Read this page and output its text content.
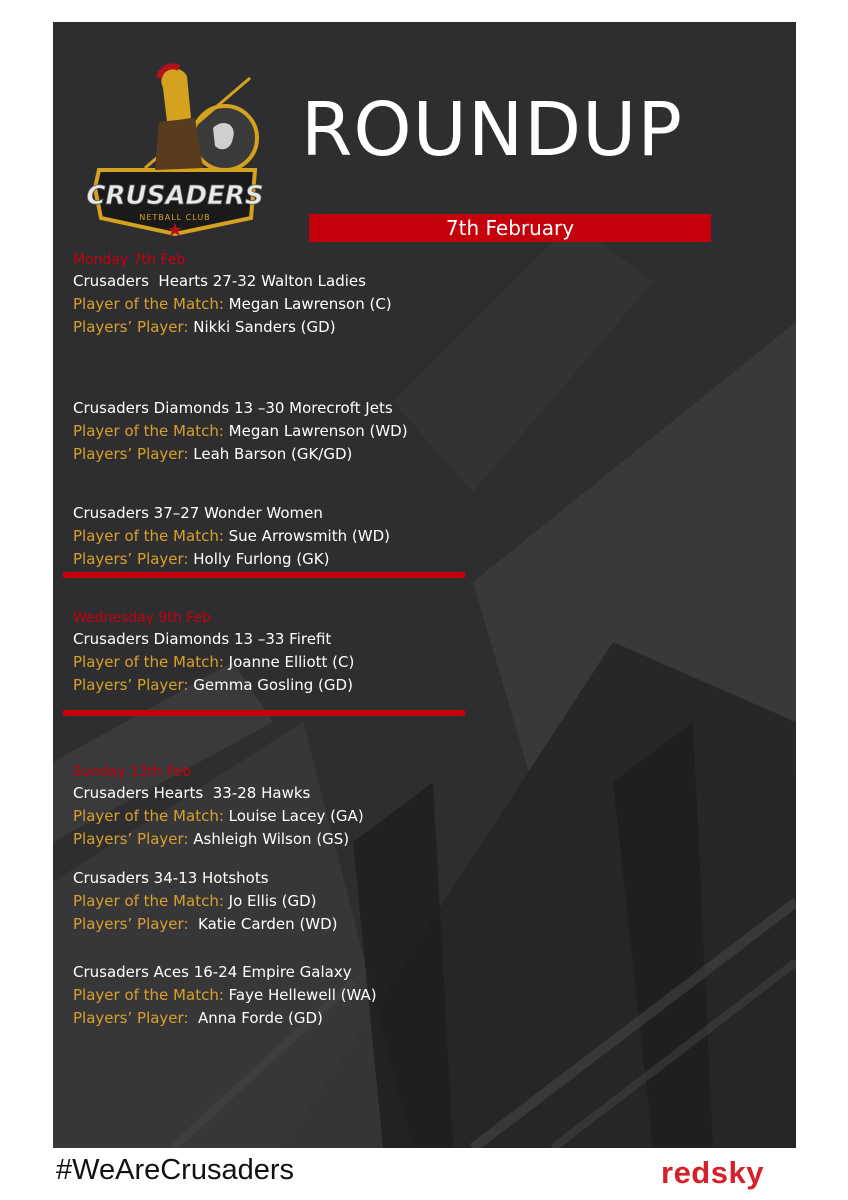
CRUSADERS
NETBALL CLUB
ROUNDUP
7th February

Monday 7th Feb

Crusaders  Hearts 27-32 Walton Ladies

Player of the Match: Megan Lawrenson (C)

Players’ Player: Nikki Sanders (GD)

Crusaders Diamonds 13 –30 Morecroft Jets

Player of the Match: Megan Lawrenson (WD)

Players’ Player: Leah Barson (GK/GD)

Crusaders 37–27 Wonder Women

Player of the Match: Sue Arrowsmith (WD)

Players’ Player: Holly Furlong (GK)

Wednesday 9th Feb

Crusaders Diamonds 13 –33 Firefit

Player of the Match: Joanne Elliott (C)

Players’ Player: Gemma Gosling (GD)

Sunday 13th Feb

Crusaders Hearts  33-28 Hawks

Player of the Match: Louise Lacey (GA)

Players’ Player: Ashleigh Wilson (GS)

Crusaders 34-13 Hotshots

Player of the Match: Jo Ellis (GD)

Players’ Player:  Katie Carden (WD)

Crusaders Aces 16-24 Empire Galaxy

Player of the Match: Faye Hellewell (WA)

Players’ Player:  Anna Forde (GD)

#WeAreCrusaders	redsky
